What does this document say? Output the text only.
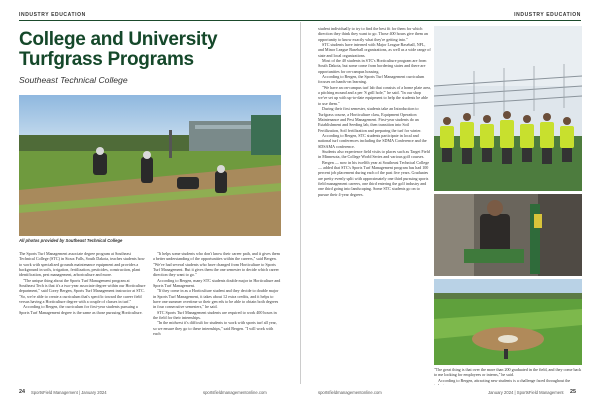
INDUSTRY EDUCATION	INDUSTRY EDUCATION
College and University
Turfgrass Programs
Southeast Technical College
All photos provided by Southeast Technical College

The Sports Turf Management associate degree program at Southeast Technical College (STC) in Sioux Falls, South Dakota, teaches students how to work with specialized grounds maintenance equipment and provides a background in soils, irrigation, fertilization, pesticides, construction, plant identification, pest management, arboriculture and more.

"The unique thing about the Sports Turf Management program at Southeast Tech is that it's a two-year associate degree within our Horticulture department," said Corey Bergen, Sports Turf Management instructor at STC. "So, we're able to create a curriculum that's specific toward the career field versus having a Horticulture degree with a couple of classes in turf."

According to Bergen, the curriculum for first-year students pursuing a Sports Turf Management degree is the same as those pursuing Horticulture.

"It helps some students who don't know their career path, and it gives them a better understanding of the opportunities within the careers," said Bergen. "We've had several students who have changed from Horticulture to Sports Turf Management. But it gives them the one semester to decide which career direction they want to go."

According to Bergen, many STC students double major in Horticulture and Sports Turf Management.

"If they come in as a Horticulture student and they decide to double major in Sports Turf Management, it takes about 12 extra credits, and it helps to have one summer overtime so their gen eds to be able to obtain both degrees in four consecutive semesters," he said.

STC Sports Turf Management students are required to work 400 hours in the field for their internships.

"In the midwest it's difficult for students to work with sports turf all year, so we ensure they go to these internships," said Bergen. "I will work with each

student individually to try to find the best fit for them for which direction they think they want to go. Those 400 hours give them an opportunity to know exactly what they're getting into."

STC students have interned with Major League Baseball, NFL, and Minor League Baseball organizations, as well as a wide range of state and local organizations.

Most of the 40 students in STC's Horticulture program are from South Dakota, but some come from bordering states and there are opportunities for on-campus housing.

According to Bergen, the Sports Turf Management curriculum focuses on hands-on learning.

"We have an on-campus turf lab that consists of a home plate area, a pitching mound and a per 'S grill hole,'" he said. "In our shop we've set up with up-to-date equipment to help the students be able to use them."

During their first semester, students take an Introduction to Turfgrass course, a Horticulture class, Equipment Operation Maintenance and Pest Management. First-year students do an Establishment and Seeding lab, then transition into Soil Fertilization, Soil fertilization and preparing the turf for winter.

According to Bergen, STC students participate in local and national turf conferences including the SDMA Conference and the SDSAMA conference.

Students also experience field visits to places such as Target Field in Minnesota, the College World Series and various golf courses.

Bergen — now in his twelfth year at Southeast Technical College — added that STC's Sports Turf Management program has had 100 percent job placement during each of the past five years. Graduates are pretty evenly split with approximately one third pursuing sports field management careers, one third entering the golf industry and one third going into landscaping. Some STC students go on to pursue their 4-year degrees.

24 SportsField Management | January 2024	sportsfieldmanagementonline.com	sportsfieldmanagementonline.com	January 2024 | SportsField Management 25

"The great thing is that over the more than 200 graduated in the field, and they come back to me looking for employees or interns," he said.

According to Bergen, attracting new students is a challenge faced throughout the
